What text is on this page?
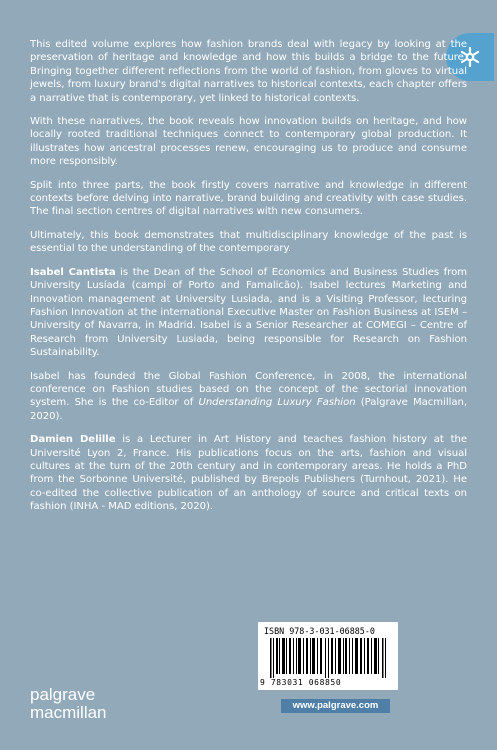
This edited volume explores how fashion brands deal with legacy by looking at the preservation of heritage and knowledge and how this builds a bridge to the future. Bringing together different reflections from the world of fashion, from gloves to virtual jewels, from luxury brand's digital narratives to historical contexts, each chapter offers a narrative that is contemporary, yet linked to historical contexts.

With these narratives, the book reveals how innovation builds on heritage, and how locally rooted traditional techniques connect to contemporary global production. It illustrates how ancestral processes renew, encouraging us to produce and consume more responsibly.

Split into three parts, the book firstly covers narrative and knowledge in different contexts before delving into narrative, brand building and creativity with case studies. The final section centres of digital narratives with new consumers.

Ultimately, this book demonstrates that multidisciplinary knowledge of the past is essential to the understanding of the contemporary.

Isabel Cantista is the Dean of the School of Economics and Business Studies from University Lusíada (campi of Porto and Famalicão). Isabel lectures Marketing and Innovation management at University Lusiada, and is a Visiting Professor, lecturing Fashion Innovation at the international Executive Master on Fashion Business at ISEM – University of Navarra, in Madrid. Isabel is a Senior Researcher at COMEGI – Centre of Research from University Lusiada, being responsible for Research on Fashion Sustainability.

Isabel has founded the Global Fashion Conference, in 2008, the international conference on Fashion studies based on the concept of the sectorial innovation system. She is the co-Editor of Understanding Luxury Fashion (Palgrave Macmillan, 2020).

Damien Delille is a Lecturer in Art History and teaches fashion history at the Université Lyon 2, France. His publications focus on the arts, fashion and visual cultures at the turn of the 20th century and in contemporary areas. He holds a PhD from the Sorbonne Université, published by Brepols Publishers (Turnhout, 2021). He co-edited the collective publication of an anthology of source and critical texts on fashion (INHA - MAD editions, 2020).

ISBN 978-3-031-06885-0
9 783031 068850
palgrave
macmillan	www.palgrave.com
